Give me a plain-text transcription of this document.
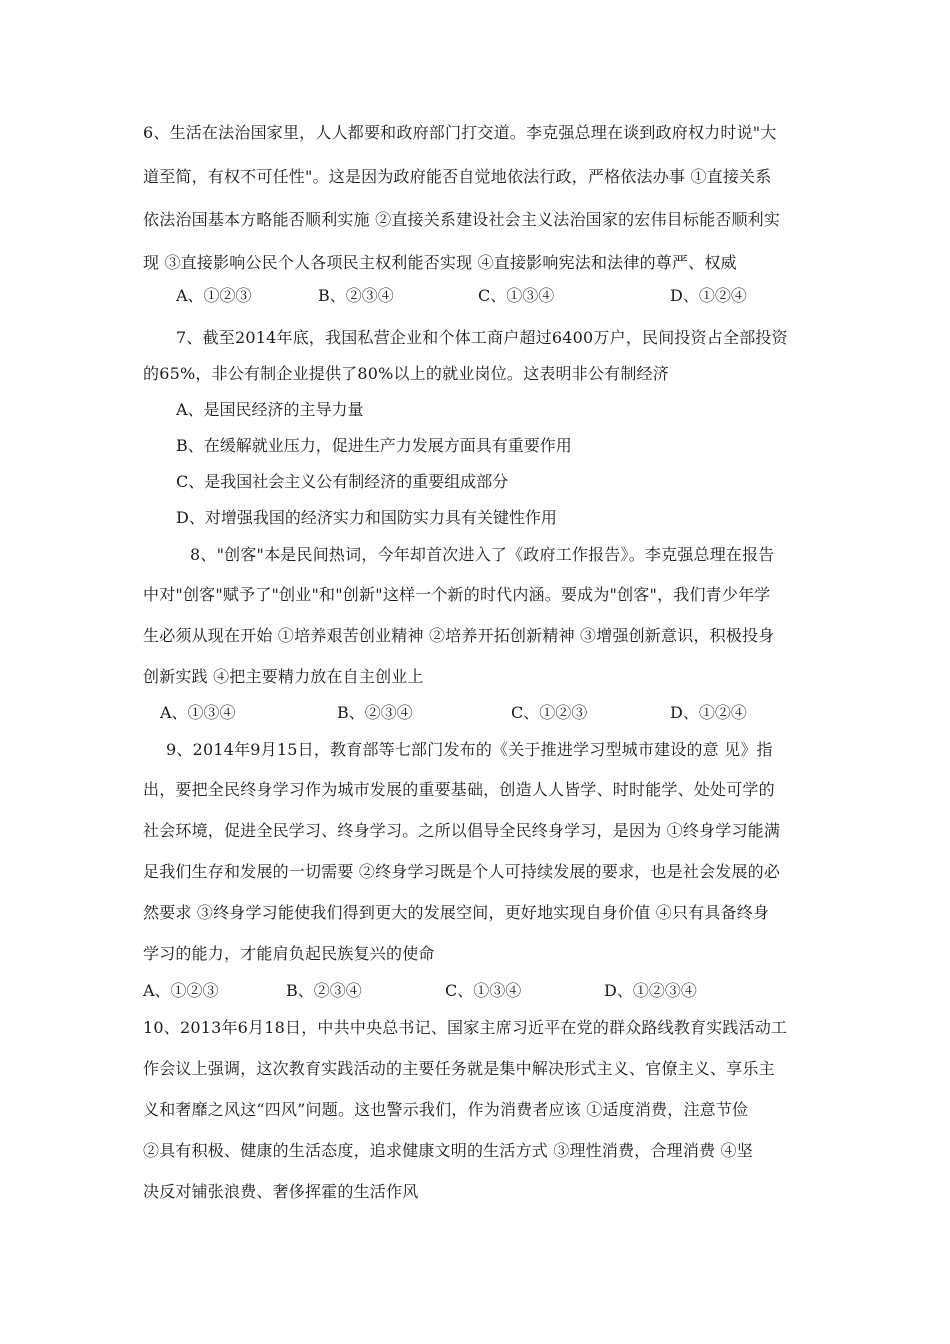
6、生活在法治国家里，人人都要和政府部门打交道。李克强总理在谈到政府权力时说"大
道至简，有权不可任性"。这是因为政府能否自觉地依法行政，严格依法办事 ①直接关系
依法治国基本方略能否顺利实施 ②直接关系建设社会主义法治国家的宏伟目标能否顺利实
现 ③直接影响公民个人各项民主权利能否实现 ④直接影响宪法和法律的尊严、权威
A、①②③	B、②③④	C、①③④	D、①②④
7、截至2014年底，我国私营企业和个体工商户超过6400万户，民间投资占全部投资
的65%，非公有制企业提供了80%以上的就业岗位。这表明非公有制经济
A、是国民经济的主导力量
B、在缓解就业压力，促进生产力发展方面具有重要作用
C、是我国社会主义公有制经济的重要组成部分
D、对增强我国的经济实力和国防实力具有关键性作用
8、"创客"本是民间热词，今年却首次进入了《政府工作报告》。李克强总理在报告
中对"创客"赋予了"创业"和"创新"这样一个新的时代内涵。要成为"创客"，我们青少年学
生必须从现在开始 ①培养艰苦创业精神 ②培养开拓创新精神 ③增强创新意识，积极投身
创新实践 ④把主要精力放在自主创业上
A、①③④	B、②③④	C、①②③	D、①②④
9、2014年9月15日，教育部等七部门发布的《关于推进学习型城市建设的意 见》指
出，要把全民终身学习作为城市发展的重要基础，创造人人皆学、时时能学、处处可学的
社会环境，促进全民学习、终身学习。之所以倡导全民终身学习，是因为 ①终身学习能满
足我们生存和发展的一切需要 ②终身学习既是个人可持续发展的要求，也是社会发展的必
然要求 ③终身学习能使我们得到更大的发展空间，更好地实现自身价值 ④只有具备终身
学习的能力，才能肩负起民族复兴的使命
A、①②③	B、②③④	C、①③④	D、①②③④
10、2013年6月18日，中共中央总书记、国家主席习近平在党的群众路线教育实践活动工
作会议上强调，这次教育实践活动的主要任务就是集中解决形式主义、官僚主义、享乐主
义和奢靡之风这“四风”问题。这也警示我们，作为消费者应该 ①适度消费，注意节俭
②具有积极、健康的生活态度，追求健康文明的生活方式 ③理性消费，合理消费 ④坚
决反对铺张浪费、奢侈挥霍的生活作风
